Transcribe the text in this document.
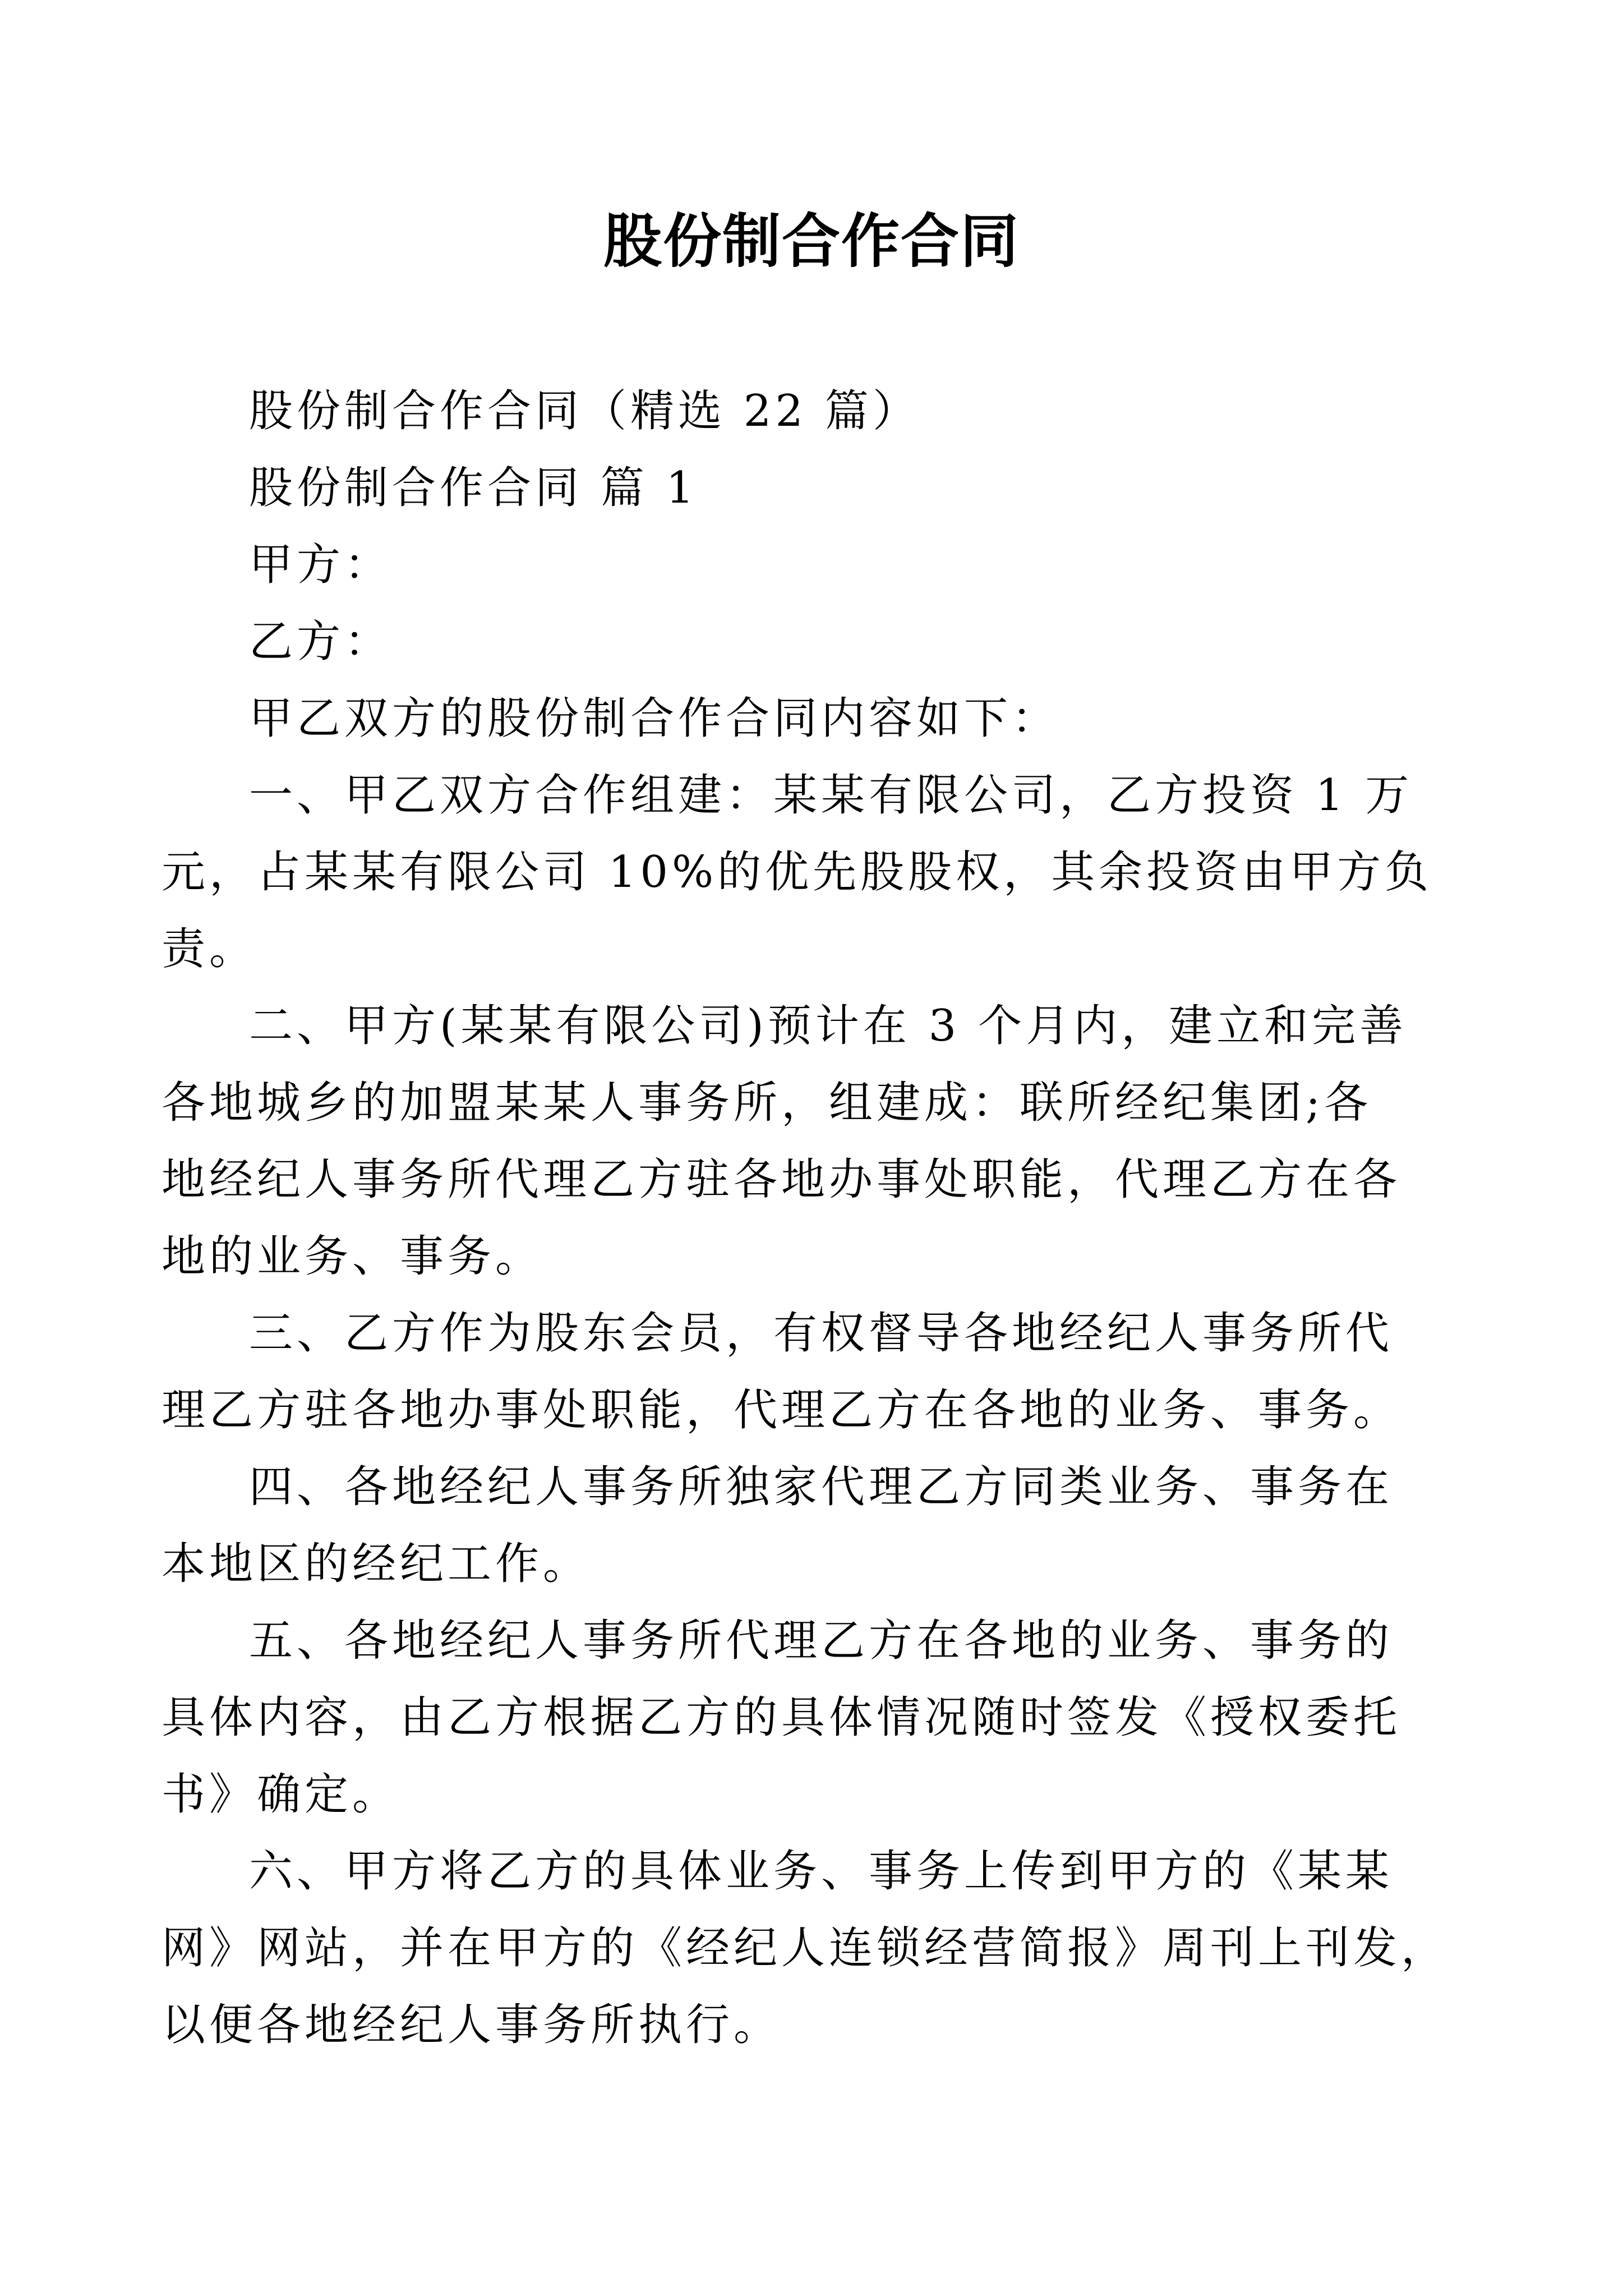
股份制合作合同
股份制合作合同（精选 22 篇）
股份制合作合同 篇 1
甲方：
乙方：
甲乙双方的股份制合作合同内容如下：
一、甲乙双方合作组建：某某有限公司，乙方投资 1 万
元，占某某有限公司 10%的优先股股权，其余投资由甲方负
责。
二、甲方(某某有限公司)预计在 3 个月内，建立和完善
各地城乡的加盟某某人事务所，组建成：联所经纪集团;各
地经纪人事务所代理乙方驻各地办事处职能，代理乙方在各
地的业务、事务。
三、乙方作为股东会员，有权督导各地经纪人事务所代
理乙方驻各地办事处职能，代理乙方在各地的业务、事务。
四、各地经纪人事务所独家代理乙方同类业务、事务在
本地区的经纪工作。
五、各地经纪人事务所代理乙方在各地的业务、事务的
具体内容，由乙方根据乙方的具体情况随时签发《授权委托
书》确定。
六、甲方将乙方的具体业务、事务上传到甲方的《某某
网》网站，并在甲方的《经纪人连锁经营简报》周刊上刊发，
以便各地经纪人事务所执行。
